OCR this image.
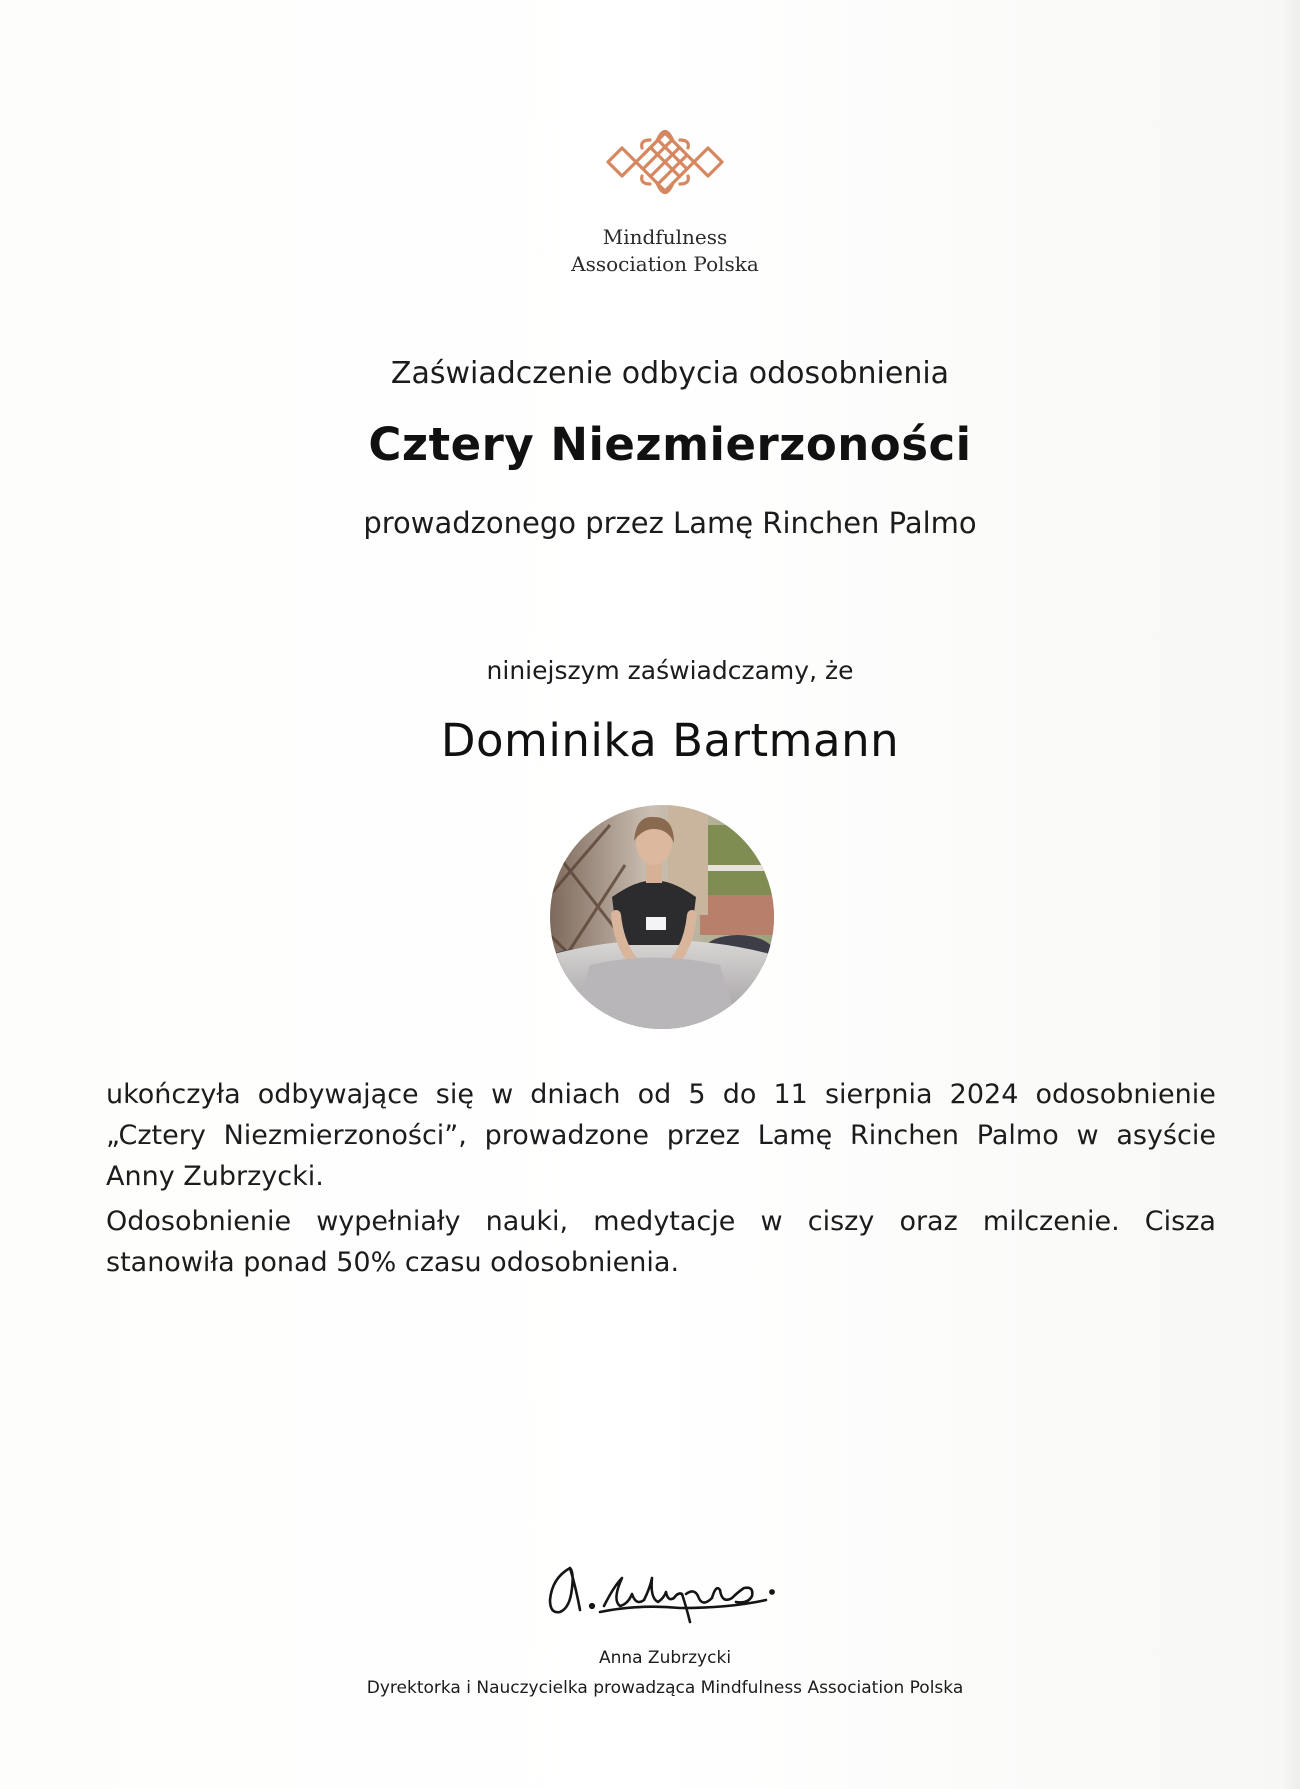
Mindfulness
Association Polska
Zaświadczenie odbycia odosobnienia
Cztery Niezmierzoności
prowadzonego przez Lamę Rinchen Palmo
niniejszym zaświadczamy, że
Dominika Bartmann
ukończyła odbywające się w dniach od 5 do 11 sierpnia 2024 odosobnienie
„Cztery Niezmierzoności”, prowadzone przez Lamę Rinchen Palmo w asyście
Anny Zubrzycki.
Odosobnienie wypełniały nauki, medytacje w ciszy oraz milczenie. Cisza
stanowiła ponad 50% czasu odosobnienia.
Anna Zubrzycki
Dyrektorka i Nauczycielka prowadząca Mindfulness Association Polska
